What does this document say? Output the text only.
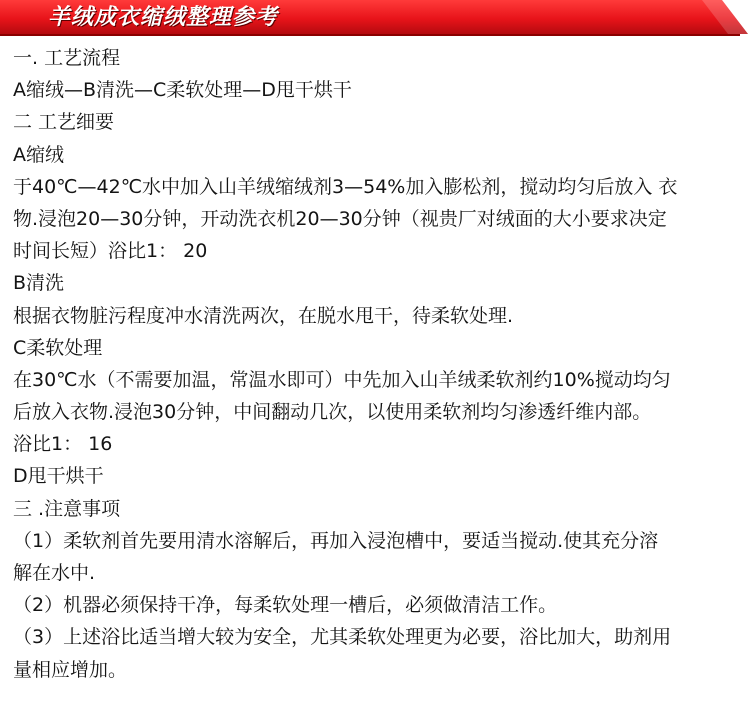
羊绒成衣缩绒整理参考
一. 工艺流程
A缩绒—B清洗—C柔软处理—D甩干烘干
二 工艺细要
A缩绒
于40℃—42℃水中加入山羊绒缩绒剂3—54%加入膨松剂，搅动均匀后放入 衣
物.浸泡20—30分钟，开动洗衣机20—30分钟（视贵厂对绒面的大小要求决定
时间长短）浴比1： 20
B清洗
根据衣物脏污程度冲水清洗两次，在脱水甩干，待柔软处理.
C柔软处理
在30℃水（不需要加温，常温水即可）中先加入山羊绒柔软剂约10%搅动均匀
后放入衣物.浸泡30分钟，中间翻动几次，以使用柔软剂均匀渗透纤维内部。
浴比1： 16
D甩干烘干
三 .注意事项
（1）柔软剂首先要用清水溶解后，再加入浸泡槽中，要适当搅动.使其充分溶
解在水中.
（2）机器必须保持干净，每柔软处理一槽后，必须做清洁工作。
（3）上述浴比适当增大较为安全，尤其柔软处理更为必要，浴比加大，助剂用
量相应增加。
